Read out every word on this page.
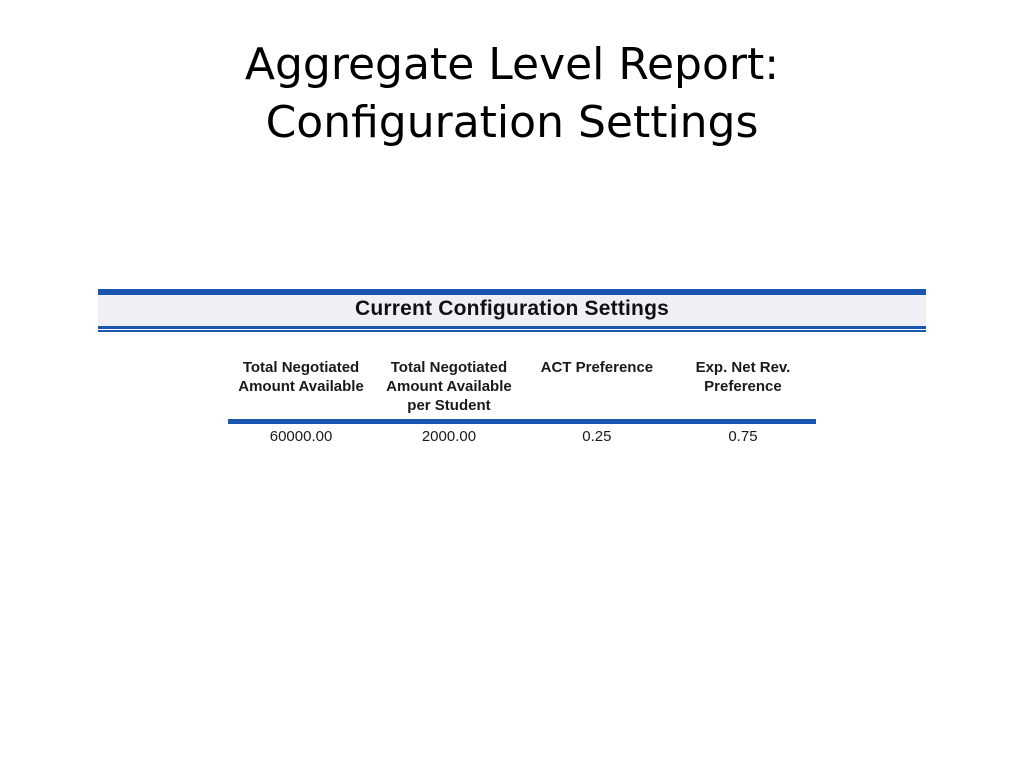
Aggregate Level Report:
Configuration Settings
Current Configuration Settings
Total Negotiated Amount Available	Total Negotiated Amount Available per Student	ACT Preference	Exp. Net Rev. Preference
60000.00	2000.00	0.25	0.75
